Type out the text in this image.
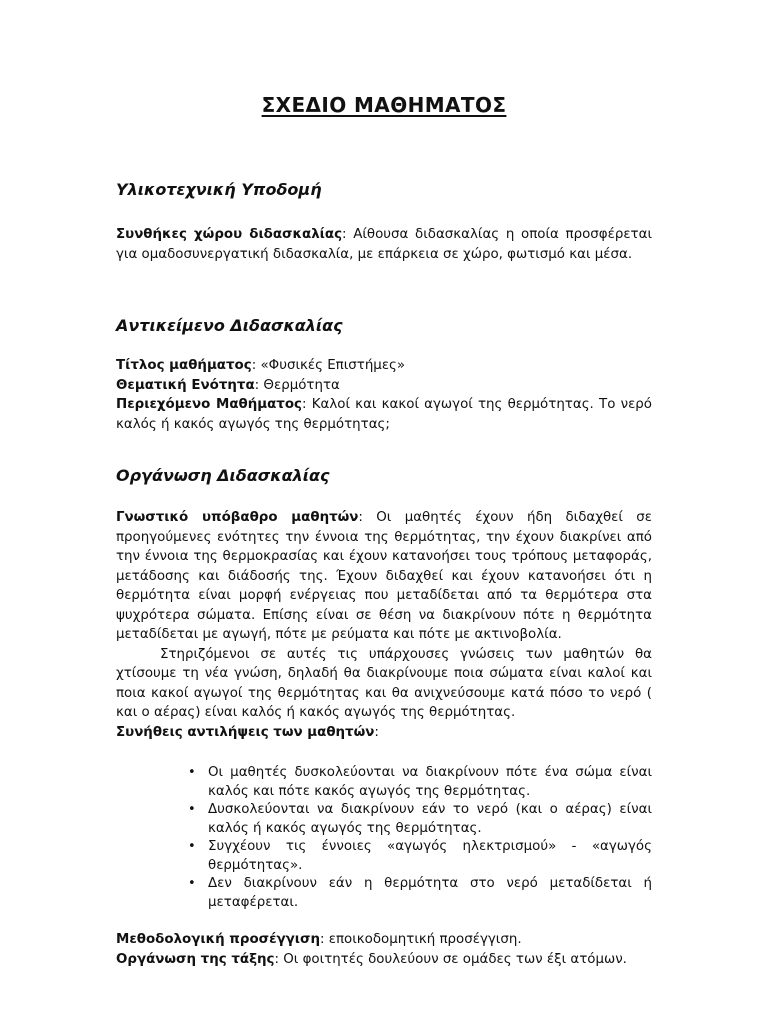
ΣΧΕΔΙΟ ΜΑΘΗΜΑΤΟΣ
Υλικοτεχνική Υποδομή
Συνθήκες χώρου διδασκαλίας: Αίθουσα διδασκαλίας η οποία προσφέρεται για ομαδοσυνεργατική διδασκαλία, με επάρκεια σε χώρο, φωτισμό και μέσα.
Αντικείμενο Διδασκαλίας
Τίτλος μαθήματος: «Φυσικές Επιστήμες»
Θεματική Ενότητα: Θερμότητα
Περιεχόμενο Μαθήματος: Καλοί και κακοί αγωγοί της θερμότητας. Το νερό καλός ή κακός αγωγός της θερμότητας;
Οργάνωση Διδασκαλίας
Γνωστικό υπόβαθρο μαθητών: Οι μαθητές έχουν ήδη διδαχθεί σε προηγούμενες ενότητες την έννοια της θερμότητας, την έχουν διακρίνει από την έννοια της θερμοκρασίας και έχουν κατανοήσει τους τρόπους μεταφοράς, μετάδοσης και διάδοσής της. Έχουν διδαχθεί και έχουν κατανοήσει ότι η θερμότητα είναι μορφή ενέργειας που μεταδίδεται από τα θερμότερα στα ψυχρότερα σώματα. Επίσης είναι σε θέση να διακρίνουν πότε η θερμότητα μεταδίδεται με αγωγή, πότε με ρεύματα και πότε με ακτινοβολία.
Στηριζόμενοι σε αυτές τις υπάρχουσες γνώσεις των μαθητών θα χτίσουμε τη νέα γνώση, δηλαδή θα διακρίνουμε ποια σώματα είναι καλοί και ποια κακοί αγωγοί της θερμότητας και θα ανιχνεύσουμε κατά πόσο το νερό ( και ο αέρας) είναι καλός ή κακός αγωγός της θερμότητας.
Συνήθεις αντιλήψεις των μαθητών:
• Οι μαθητές δυσκολεύονται να διακρίνουν πότε ένα σώμα είναι καλός και πότε κακός αγωγός της θερμότητας.
• Δυσκολεύονται να διακρίνουν εάν το νερό (και ο αέρας) είναι καλός ή κακός αγωγός της θερμότητας.
• Συγχέουν τις έννοιες «αγωγός ηλεκτρισμού» - «αγωγός θερμότητας».
• Δεν διακρίνουν εάν η θερμότητα στο νερό μεταδίδεται ή μεταφέρεται.
Μεθοδολογική προσέγγιση: εποικοδομητική προσέγγιση.
Οργάνωση της τάξης: Οι φοιτητές δουλεύουν σε ομάδες των έξι ατόμων.
